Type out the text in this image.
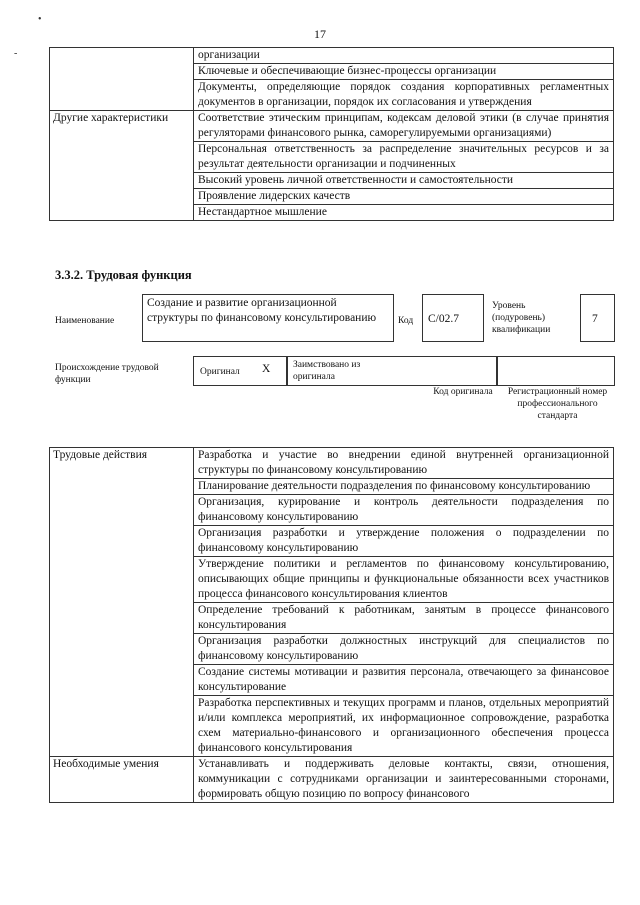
•
-
17
	организации
	Ключевые и обеспечивающие бизнес-процессы организации
	Документы, определяющие порядок создания корпоративных регламентных документов в организации, порядок их согласования и утверждения
Другие характеристики	Соответствие этическим принципам, кодексам деловой этики (в случае принятия регуляторами финансового рынка, саморегулируемыми организациями)
	Персональная ответственность за распределение значительных ресурсов и за результат деятельности организации и подчиненных
	Высокий уровень личной ответственности и самостоятельности
	Проявление лидерских качеств
	Нестандартное мышление
3.3.2. Трудовая функция
Наименование
Создание и развитие организационной структуры по финансовому консультированию	Код С/02.7
Уровень (подуровень) квалификации
7
Происхождение трудовой функции
Оригинал Х Заимствовано из оригинала
Код оригинала Регистрационный номер профессионального стандарта
Трудовые действия	Разработка и участие во внедрении единой внутренней организационной структуры по финансовому консультированию
	Планирование деятельности подразделения по финансовому консультированию
	Организация, курирование и контроль деятельности подразделения по финансовому консультированию
	Организация разработки и утверждение положения о подразделении по финансовому консультированию
	Утверждение политики и регламентов по финансовому консультированию, описывающих общие принципы и функциональные обязанности всех участников процесса финансового консультирования клиентов
	Определение требований к работникам, занятым в процессе финансового консультирования
	Организация разработки должностных инструкций для специалистов по финансовому консультированию
	Создание системы мотивации и развития персонала, отвечающего за финансовое консультирование
	Разработка перспективных и текущих программ и планов, отдельных мероприятий и/или комплекса мероприятий, их информационное сопровождение, разработка схем материально-финансового и организационного обеспечения процесса финансового консультирования
Необходимые умения	Устанавливать и поддерживать деловые контакты, связи, отношения, коммуникации с сотрудниками организации и заинтересованными сторонами, формировать общую позицию по вопросу финансового
